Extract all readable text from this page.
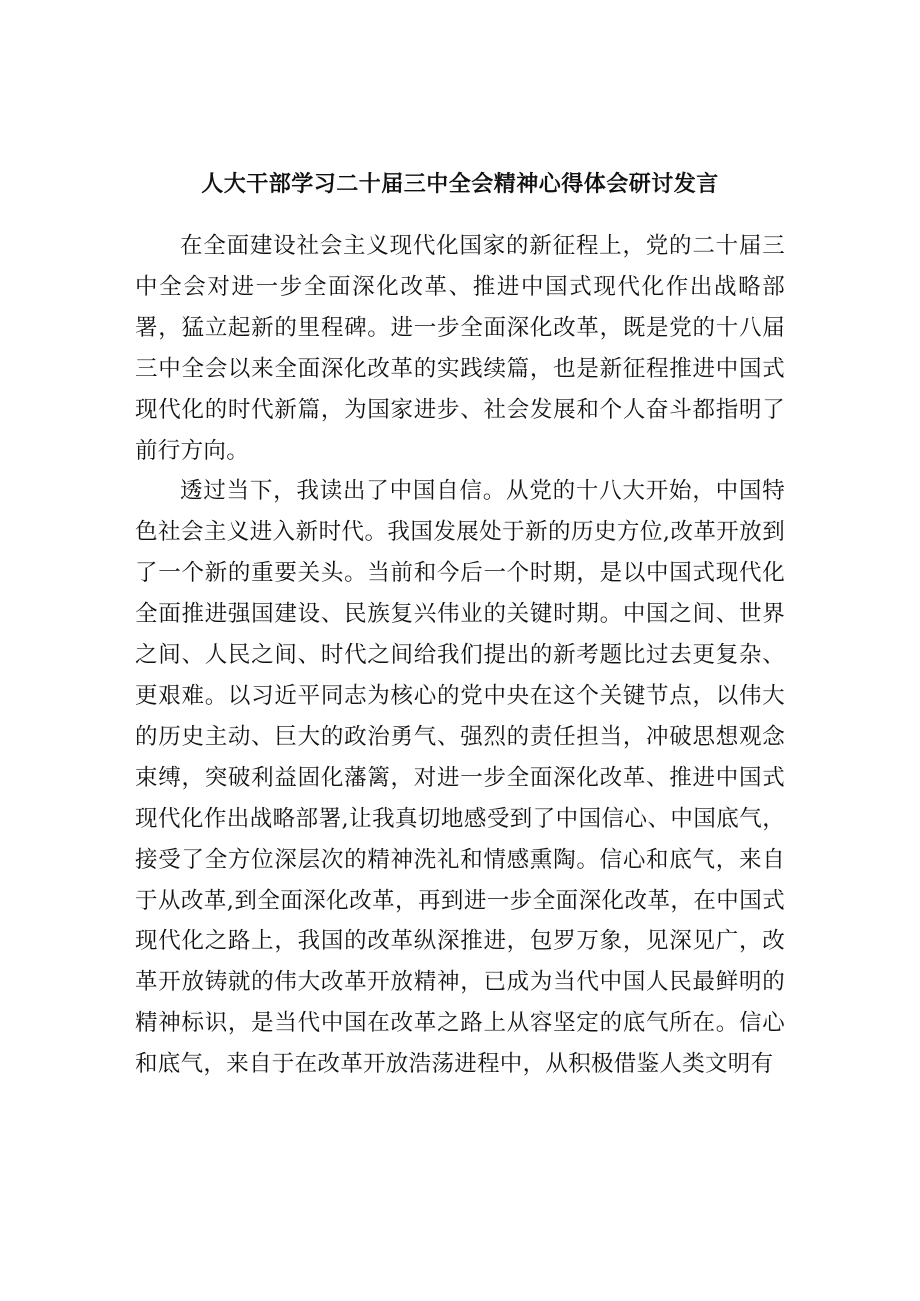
人大干部学习二十届三中全会精神心得体会研讨发言

在全面建设社会主义现代化国家的新征程上，党的二十届三中全会对进一步全面深化改革、推进中国式现代化作出战略部署，猛立起新的里程碑。进一步全面深化改革，既是党的十八届三中全会以来全面深化改革的实践续篇，也是新征程推进中国式现代化的时代新篇，为国家进步、社会发展和个人奋斗都指明了前行方向。

透过当下，我读出了中国自信。从党的十八大开始，中国特色社会主义进入新时代。我国发展处于新的历史方位,改革开放到了一个新的重要关头。当前和今后一个时期，是以中国式现代化全面推进强国建设、民族复兴伟业的关键时期。中国之间、世界之间、人民之间、时代之间给我们提出的新考题比过去更复杂、更艰难。以习近平同志为核心的党中央在这个关键节点，以伟大的历史主动、巨大的政治勇气、强烈的责任担当，冲破思想观念束缚，突破利益固化藩篱，对进一步全面深化改革、推进中国式现代化作出战略部署,让我真切地感受到了中国信心、中国底气，接受了全方位深层次的精神洗礼和情感熏陶。信心和底气，来自于从改革,到全面深化改革，再到进一步全面深化改革，在中国式现代化之路上，我国的改革纵深推进，包罗万象，见深见广，改革开放铸就的伟大改革开放精神，已成为当代中国人民最鲜明的精神标识，是当代中国在改革之路上从容坚定的底气所在。信心和底气，来自于在改革开放浩荡进程中，从积极借鉴人类文明有
